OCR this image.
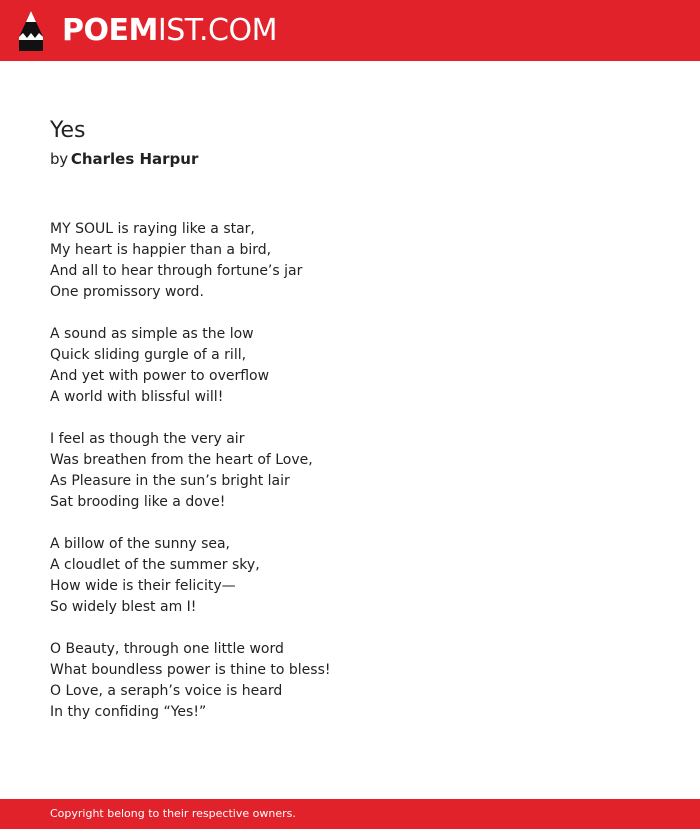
POEMIST.COM
Yes
by Charles Harpur
MY SOUL is raying like a star,
My heart is happier than a bird,
And all to hear through fortune’s jar
One promissory word.
A sound as simple as the low
Quick sliding gurgle of a rill,
And yet with power to overflow
A world with blissful will!
I feel as though the very air
Was breathen from the heart of Love,
As Pleasure in the sun’s bright lair
Sat brooding like a dove!
A billow of the sunny sea,
A cloudlet of the summer sky,
How wide is their felicity—
So widely blest am I!
O Beauty, through one little word
What boundless power is thine to bless!
O Love, a seraph’s voice is heard
In thy confiding “Yes!”
Copyright belong to their respective owners.
